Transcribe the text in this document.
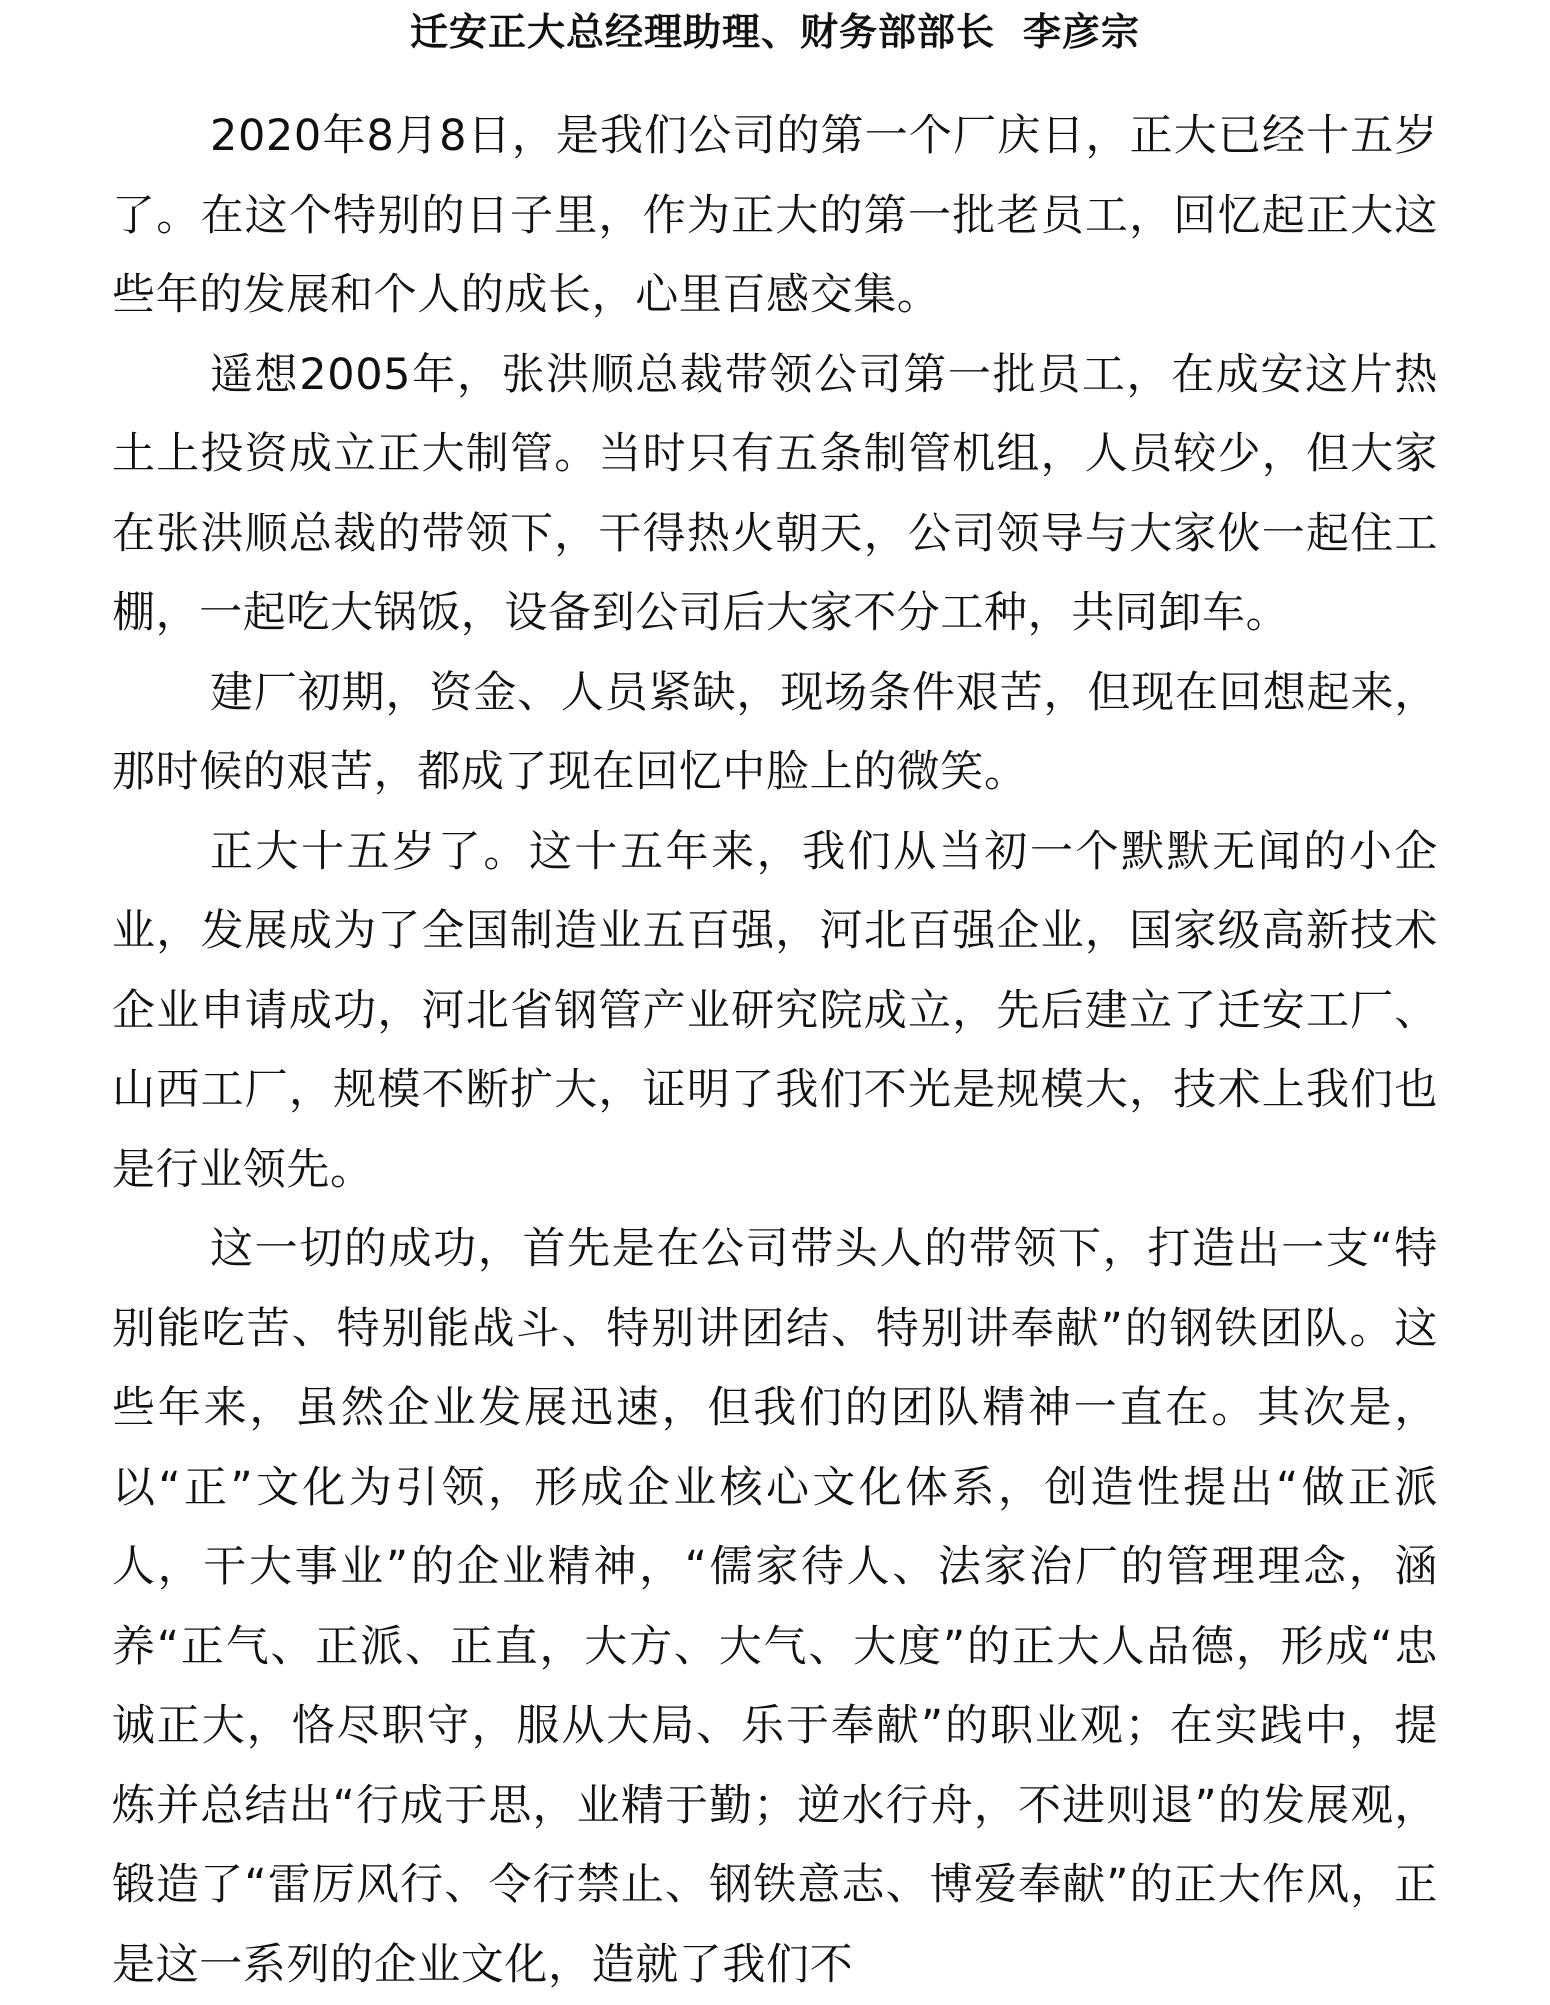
迁安正大总经理助理、财务部部长 李彦宗

2020年8月8日，是我们公司的第一个厂庆日，正大已经十五岁了。在这个特别的日子里，作为正大的第一批老员工，回忆起正大这些年的发展和个人的成长，心里百感交集。

遥想2005年，张洪顺总裁带领公司第一批员工，在成安这片热土上投资成立正大制管。当时只有五条制管机组，人员较少，但大家在张洪顺总裁的带领下，干得热火朝天，公司领导与大家伙一起住工棚，一起吃大锅饭，设备到公司后大家不分工种，共同卸车。

建厂初期，资金、人员紧缺，现场条件艰苦，但现在回想起来，那时候的艰苦，都成了现在回忆中脸上的微笑。

正大十五岁了。这十五年来，我们从当初一个默默无闻的小企业，发展成为了全国制造业五百强，河北百强企业，国家级高新技术企业申请成功，河北省钢管产业研究院成立，先后建立了迁安工厂、山西工厂，规模不断扩大，证明了我们不光是规模大，技术上我们也是行业领先。

这一切的成功，首先是在公司带头人的带领下，打造出一支“特别能吃苦、特别能战斗、特别讲团结、特别讲奉献”的钢铁团队。这些年来，虽然企业发展迅速，但我们的团队精神一直在。其次是，以“正”文化为引领，形成企业核心文化体系，创造性提出“做正派人，干大事业”的企业精神，“儒家待人、法家治厂的管理理念，涵养“正气、正派、正直，大方、大气、大度”的正大人品德，形成“忠诚正大，恪尽职守，服从大局、乐于奉献”的职业观；在实践中，提炼并总结出“行成于思，业精于勤；逆水行舟，不进则退”的发展观，锻造了“雷厉风行、令行禁止、钢铁意志、博爱奉献”的正大作风，正是这一系列的企业文化，造就了我们不
